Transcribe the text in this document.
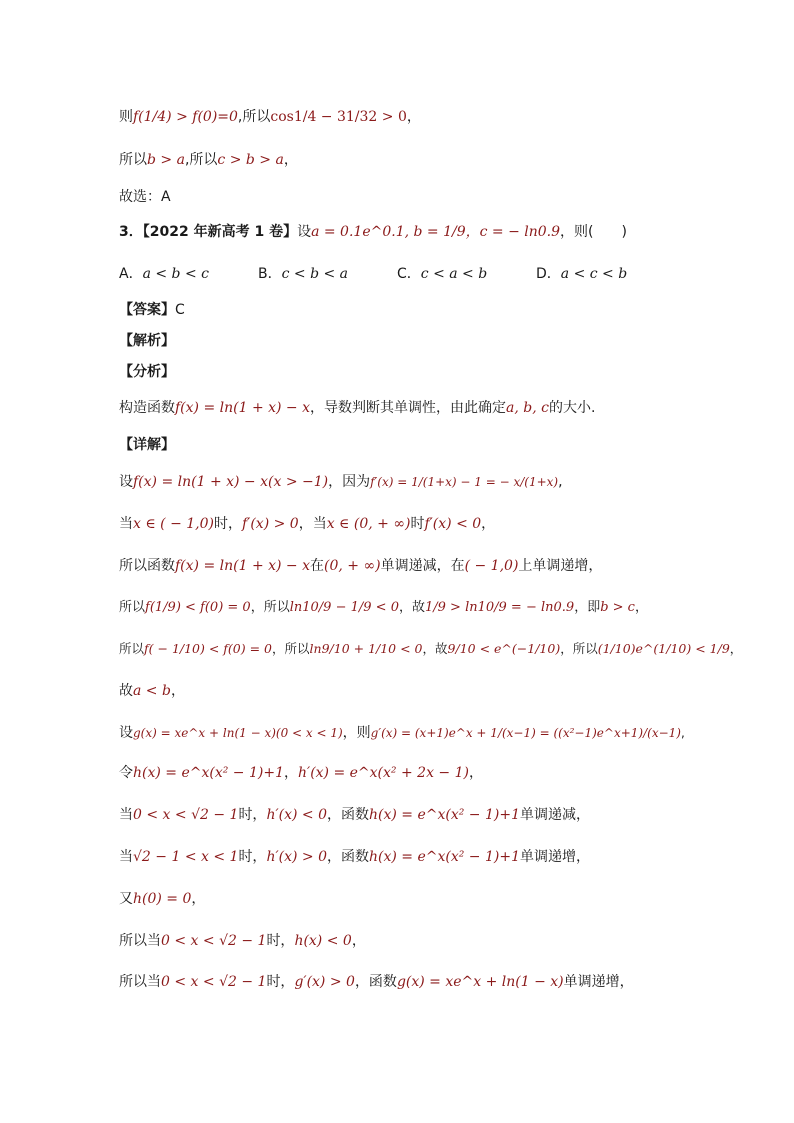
则f(1/4) > f(0)=0,所以cos1/4 − 31/32 > 0，
所以b > a,所以c > b > a，
故选：A
3．【2022 年新高考 1 卷】设a = 0.1e^0.1, b = 1/9，c = − ln0.9，则(　　)
A．a < b < c	B．c < b < a	C．c < a < b	D．a < c < b
【答案】C
【解析】
【分析】
构造函数f(x) = ln(1 + x) − x，导数判断其单调性，由此确定a, b, c的大小.
【详解】
设f(x) = ln(1 + x) − x(x > −1)，因为f′(x) = 1/(1+x) − 1 = − x/(1+x),
当x ∈ ( − 1,0)时，f′(x) > 0，当x ∈ (0, + ∞)时f′(x) < 0，
所以函数f(x) = ln(1 + x) − x在(0, + ∞)单调递减，在( − 1,0)上单调递增，
所以f(1/9) < f(0) = 0，所以ln10/9 − 1/9 < 0，故1/9 > ln10/9 = − ln0.9，即b > c，
所以f( − 1/10) < f(0) = 0，所以ln9/10 + 1/10 < 0，故9/10 < e^(−1/10)，所以(1/10)e^(1/10) < 1/9，
故a < b，
设g(x) = xe^x + ln(1 − x)(0 < x < 1)，则g′(x) = (x+1)e^x + 1/(x−1) = ((x²−1)e^x+1)/(x−1),
令h(x) = e^x(x² − 1)+1，h′(x) = e^x(x² + 2x − 1)，
当0 < x < √2 − 1时，h′(x) < 0，函数h(x) = e^x(x² − 1)+1单调递减，
当√2 − 1 < x < 1时，h′(x) > 0，函数h(x) = e^x(x² − 1)+1单调递增，
又h(0) = 0，
所以当0 < x < √2 − 1时，h(x) < 0，
所以当0 < x < √2 − 1时，g′(x) > 0，函数g(x) = xe^x + ln(1 − x)单调递增，
